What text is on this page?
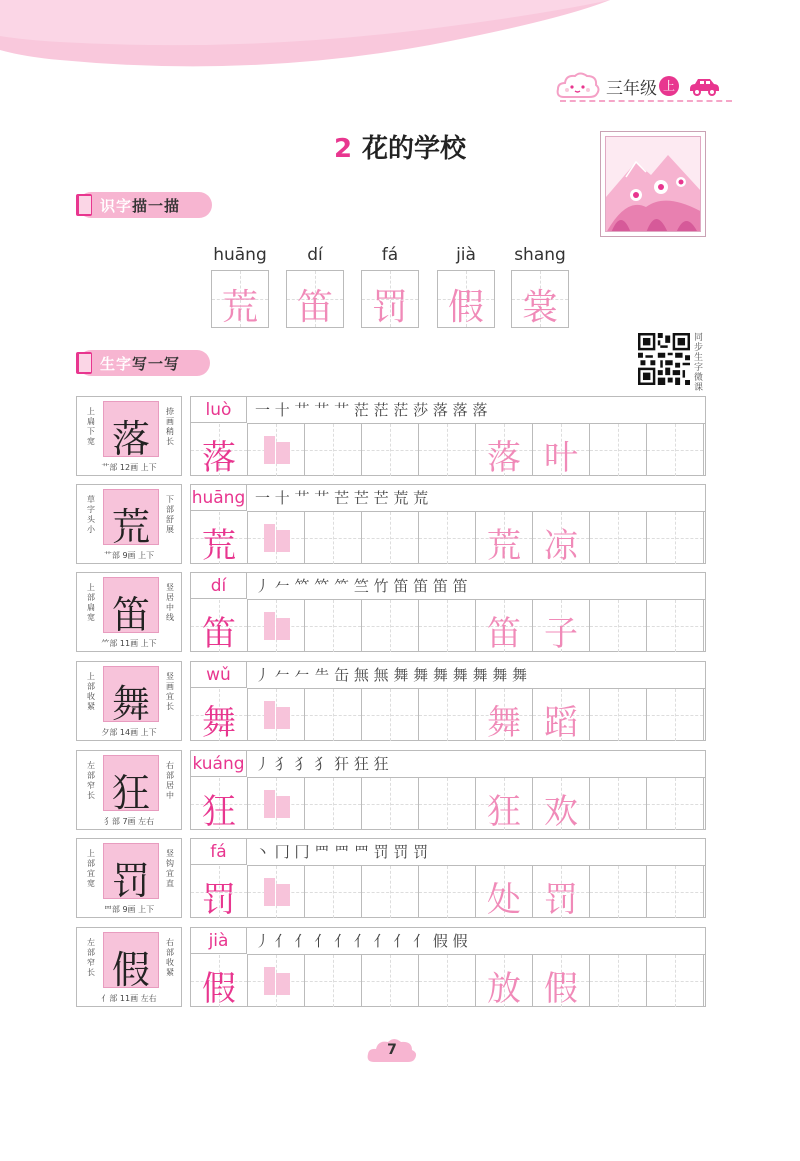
三年级 上
2 花的学校
识字描一描
huāng
荒
dí
笛
fá
罚
jià
假
shang
裳
同步生字微课
生字写一写
上扁下宽 落
捺画稍长
艹部 12画 上下
luò	一 十 艹 艹 艹 茫 茫 茫 莎 落 落 落
落	落 叶
草字头小 荒
下部舒展
艹部 9画 上下
huāng 一 十 艹 艹 芒 芒 芒 荒 荒
荒	荒 凉
上部扁宽 笛
竖居中线
⺮部 11画 上下
dí	丿 𠂉 𥫗 𥫗 ⺮ 竺 竹 笛 笛 笛 笛
笛	笛 子
上部收紧 舞
竖画宜长
夕部 14画 上下
wǔ	丿 𠂉 𠂉 ⺧ 缶 無 無 舞 舞 舞 舞 舞 舞 舞
舞	舞 蹈
左部窄长 狂
右部居中
犭部 7画 左右
kuáng 丿 犭 犭 犭 犴 狂 狂
狂	狂 欢
上部宜宽 罚
竖钩宜直
罒部 9画 上下
fá	丶 冂 冂 罒 罒 罒 罚 罚 罚
罚	处 罚
左部窄长 假
右部收紧
亻部 11画 左右
jià	丿 亻 亻 亻 亻 亻 亻 亻 亻 假 假
假	放 假
7
